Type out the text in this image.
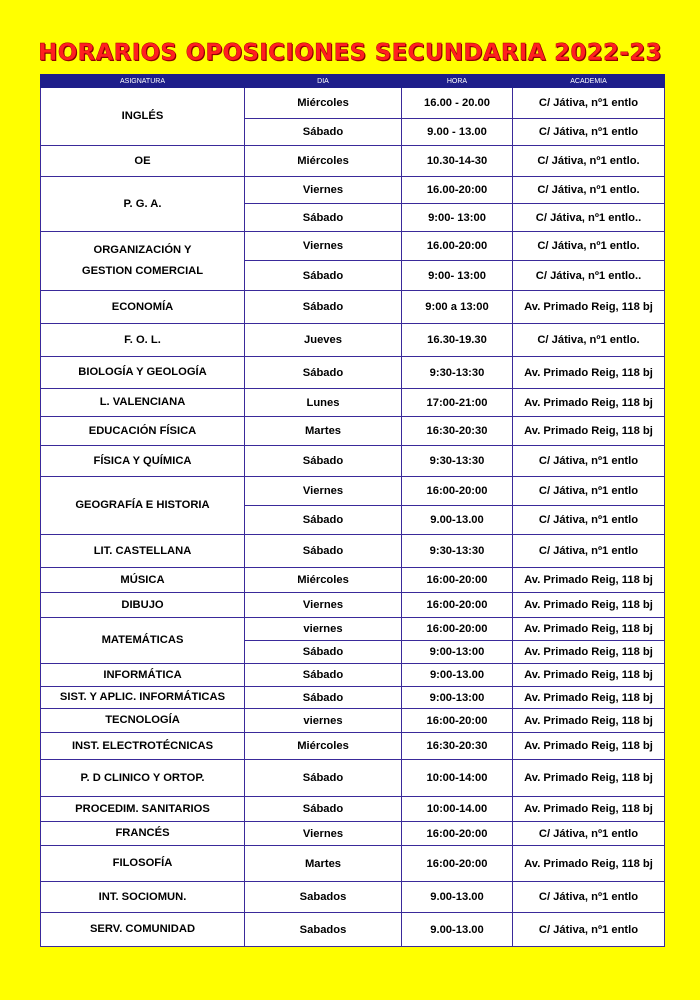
HORARIOS OPOSICIONES SECUNDARIA 2022-23
ASIGNATURA	DIA	HORA	ACADEMIA
INGLÉS	Miércoles	16.00 - 20.00	C/ Játiva, nº1 entlo
	Sábado	9.00 - 13.00	C/ Játiva, nº1 entlo
OE	Miércoles	10.30-14-30	C/ Játiva, nº1 entlo.
P. G. A.	Viernes	16.00-20:00	C/ Játiva, nº1 entlo.
	Sábado	9:00- 13:00	C/ Játiva, nº1 entlo..
ORGANIZACIÓN Y
GESTION COMERCIAL	Viernes	16.00-20:00	C/ Játiva, nº1 entlo.
	Sábado	9:00- 13:00	C/ Játiva, nº1 entlo..
ECONOMÍA	Sábado	9:00 a 13:00	Av. Primado Reig, 118 bj
F. O. L.	Jueves	16.30-19.30	C/ Játiva, nº1 entlo.
BIOLOGÍA Y GEOLOGÍA	Sábado	9:30-13:30	Av. Primado Reig, 118 bj
L. VALENCIANA	Lunes	17:00-21:00	Av. Primado Reig, 118 bj
EDUCACIÓN FÍSICA	Martes	16:30-20:30	Av. Primado Reig, 118 bj
FÍSICA Y QUÍMICA	Sábado	9:30-13:30	C/ Játiva, nº1 entlo
GEOGRAFÍA E HISTORIA	Viernes	16:00-20:00	C/ Játiva, nº1 entlo
	Sábado	9.00-13.00	C/ Játiva, nº1 entlo
LIT. CASTELLANA	Sábado	9:30-13:30	C/ Játiva, nº1 entlo
MÚSICA	Miércoles	16:00-20:00	Av. Primado Reig, 118 bj
DIBUJO	Viernes	16:00-20:00	Av. Primado Reig, 118 bj
MATEMÁTICAS	viernes	16:00-20:00	Av. Primado Reig, 118 bj
	Sábado	9:00-13:00	Av. Primado Reig, 118 bj
INFORMÁTICA	Sábado	9:00-13.00	Av. Primado Reig, 118 bj
SIST. Y APLIC. INFORMÁTICAS	Sábado	9:00-13:00	Av. Primado Reig, 118 bj
TECNOLOGÍA	viernes	16:00-20:00	Av. Primado Reig, 118 bj
INST. ELECTROTÉCNICAS	Miércoles	16:30-20:30	Av. Primado Reig, 118 bj
P. D CLINICO Y ORTOP.	Sábado	10:00-14:00	Av. Primado Reig, 118 bj
PROCEDIM. SANITARIOS	Sábado	10:00-14.00	Av. Primado Reig, 118 bj
FRANCÉS	Viernes	16:00-20:00	C/ Játiva, nº1 entlo
FILOSOFÍA	Martes	16:00-20:00	Av. Primado Reig, 118 bj
INT. SOCIOMUN.	Sabados	9.00-13.00	C/ Játiva, nº1 entlo
SERV. COMUNIDAD	Sabados	9.00-13.00	C/ Játiva, nº1 entlo
